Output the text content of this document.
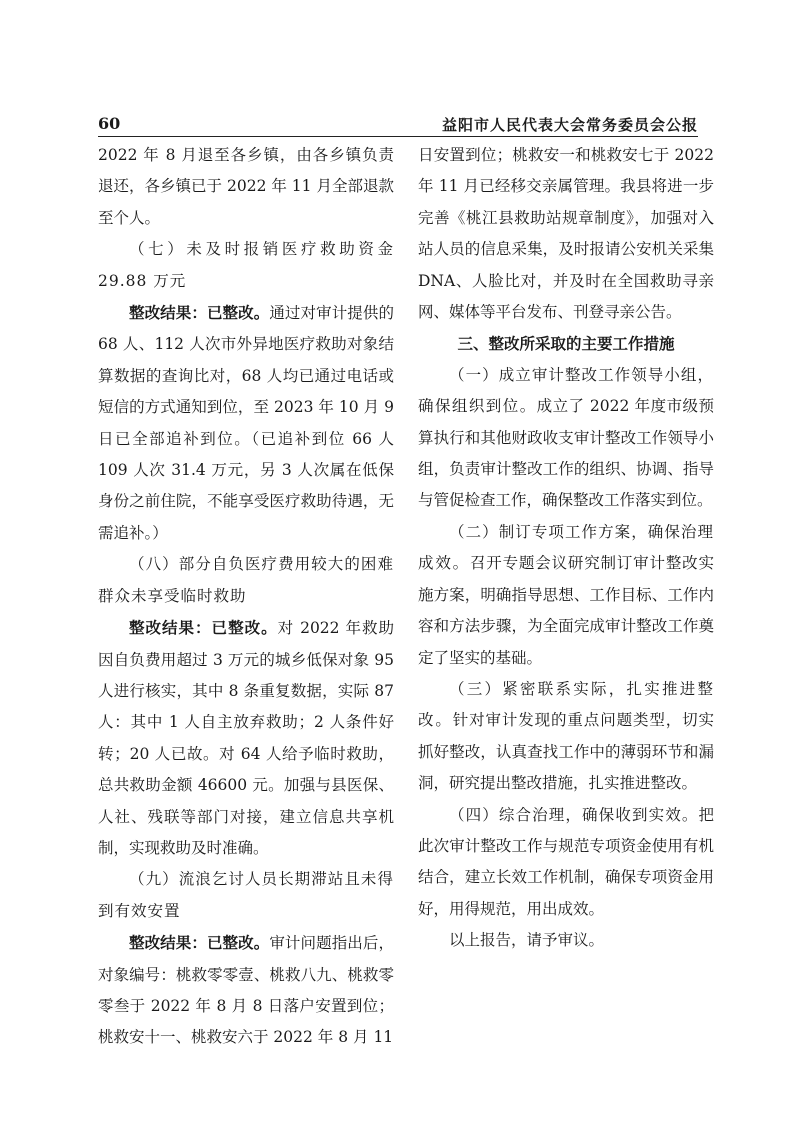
60	益阳市人民代表大会常务委员会公报

2022 年 8 月退至各乡镇，由各乡镇负责退还，各乡镇已于 2022 年 11 月全部退款至个人。

（七）未及时报销医疗救助资金 29.88 万元

整改结果：已整改。通过对审计提供的 68 人、112 人次市外异地医疗救助对象结算数据的查询比对，68 人均已通过电话或短信的方式通知到位，至 2023 年 10 月 9 日已全部追补到位。（已追补到位 66 人 109 人次 31.4 万元，另 3 人次属在低保身份之前住院，不能享受医疗救助待遇，无需追补。）

（八）部分自负医疗费用较大的困难群众未享受临时救助

整改结果：已整改。对 2022 年救助因自负费用超过 3 万元的城乡低保对象 95 人进行核实，其中 8 条重复数据，实际 87 人：其中 1 人自主放弃救助；2 人条件好转；20 人已故。对 64 人给予临时救助，总共救助金额 46600 元。加强与县医保、人社、残联等部门对接，建立信息共享机制，实现救助及时准确。

（九）流浪乞讨人员长期滞站且未得到有效安置

整改结果：已整改。审计问题指出后，对象编号：桃救零零壹、桃救八九、桃救零零叁于 2022 年 8 月 8 日落户安置到位；桃救安十一、桃救安六于 2022 年 8 月 11

日安置到位；桃救安一和桃救安七于 2022 年 11 月已经移交亲属管理。我县将进一步完善《桃江县救助站规章制度》，加强对入站人员的信息采集，及时报请公安机关采集 DNA、人脸比对，并及时在全国救助寻亲网、媒体等平台发布、刊登寻亲公告。

三、整改所采取的主要工作措施

（一）成立审计整改工作领导小组，确保组织到位。成立了 2022 年度市级预算执行和其他财政收支审计整改工作领导小组，负责审计整改工作的组织、协调、指导与管促检查工作，确保整改工作落实到位。

（二）制订专项工作方案，确保治理成效。召开专题会议研究制订审计整改实施方案，明确指导思想、工作目标、工作内容和方法步骤，为全面完成审计整改工作奠定了坚实的基础。

（三）紧密联系实际，扎实推进整改。针对审计发现的重点问题类型，切实抓好整改，认真查找工作中的薄弱环节和漏洞，研究提出整改措施，扎实推进整改。

（四）综合治理，确保收到实效。把此次审计整改工作与规范专项资金使用有机结合，建立长效工作机制，确保专项资金用好，用得规范，用出成效。

以上报告，请予审议。
